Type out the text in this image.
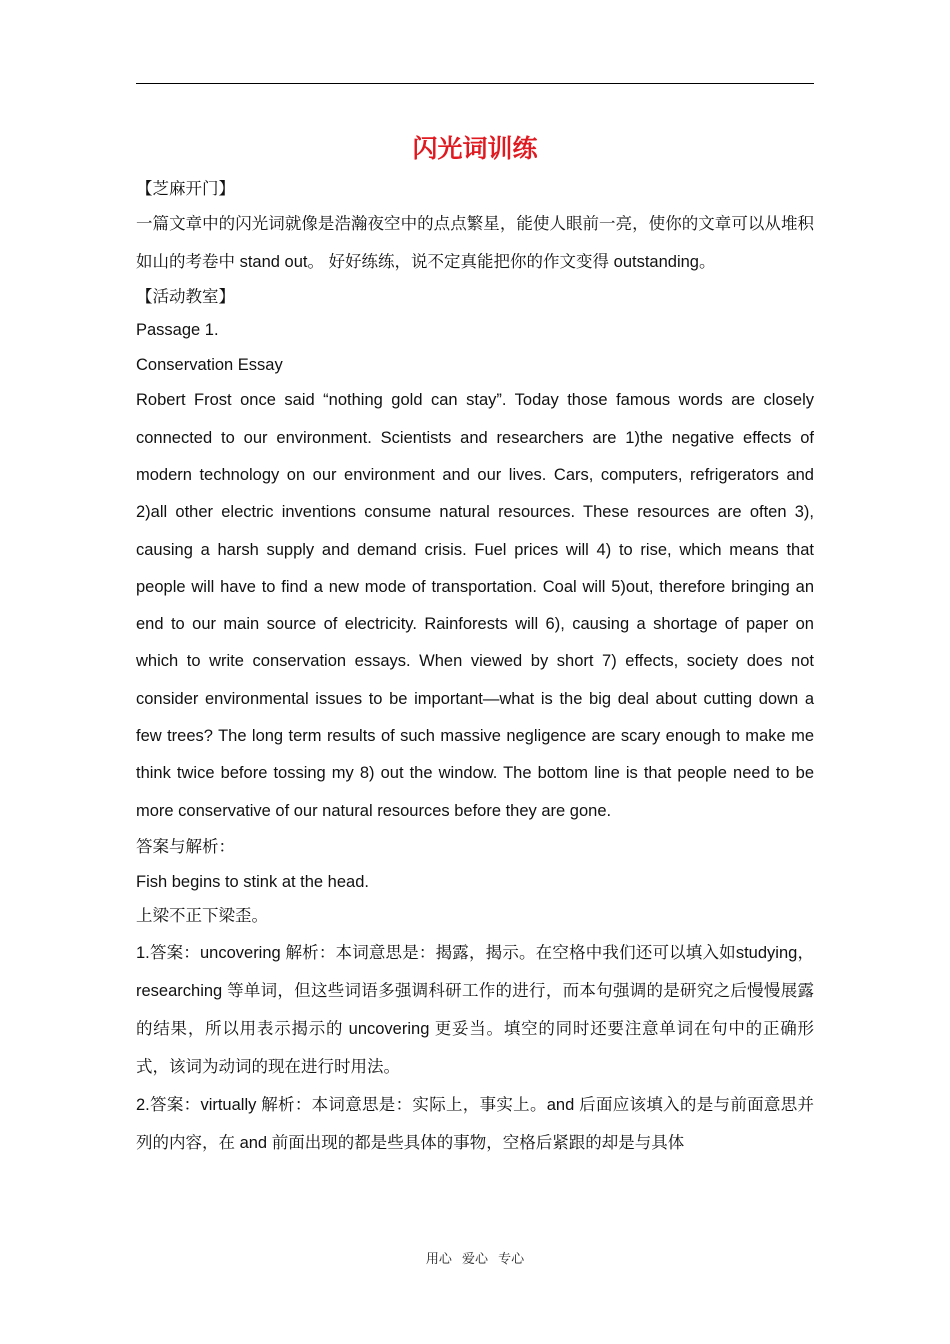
闪光词训练

【芝麻开门】

一篇文章中的闪光词就像是浩瀚夜空中的点点繁星，能使人眼前一亮，使你的文章可以从堆积如山的考卷中 stand out。 好好练练，说不定真能把你的作文变得 outstanding。

【活动教室】

Passage 1.

Conservation Essay

Robert Frost once said “nothing gold can stay”. Today those famous words are closely connected to our environment. Scientists and researchers are 1)the negative effects of modern technology on our environment and our lives. Cars, computers, refrigerators and 2)all other electric inventions consume natural resources. These resources are often 3), causing a harsh supply and demand crisis. Fuel prices will 4) to rise, which means that people will have to find a new mode of transportation. Coal will 5)out, therefore bringing an end to our main source of electricity. Rainforests will 6), causing a shortage of paper on which to write conservation essays. When viewed by short 7) effects, society does not consider environmental issues to be important—what is the big deal about cutting down a few trees? The long term results of such massive negligence are scary enough to make me think twice before tossing my 8) out the window. The bottom line is that people need to be more conservative of our natural resources before they are gone.

答案与解析：

Fish begins to stink at the head.

上梁不正下梁歪。

1.答案：uncovering 解析：本词意思是：揭露，揭示。在空格中我们还可以填入如studying，researching 等单词，但这些词语多强调科研工作的进行，而本句强调的是研究之后慢慢展露的结果，所以用表示揭示的 uncovering 更妥当。填空的同时还要注意单词在句中的正确形式，该词为动词的现在进行时用法。

2.答案：virtually 解析：本词意思是：实际上，事实上。and 后面应该填入的是与前面意思并列的内容，在 and 前面出现的都是些具体的事物，空格后紧跟的却是与具体

用心 爱心 专心
